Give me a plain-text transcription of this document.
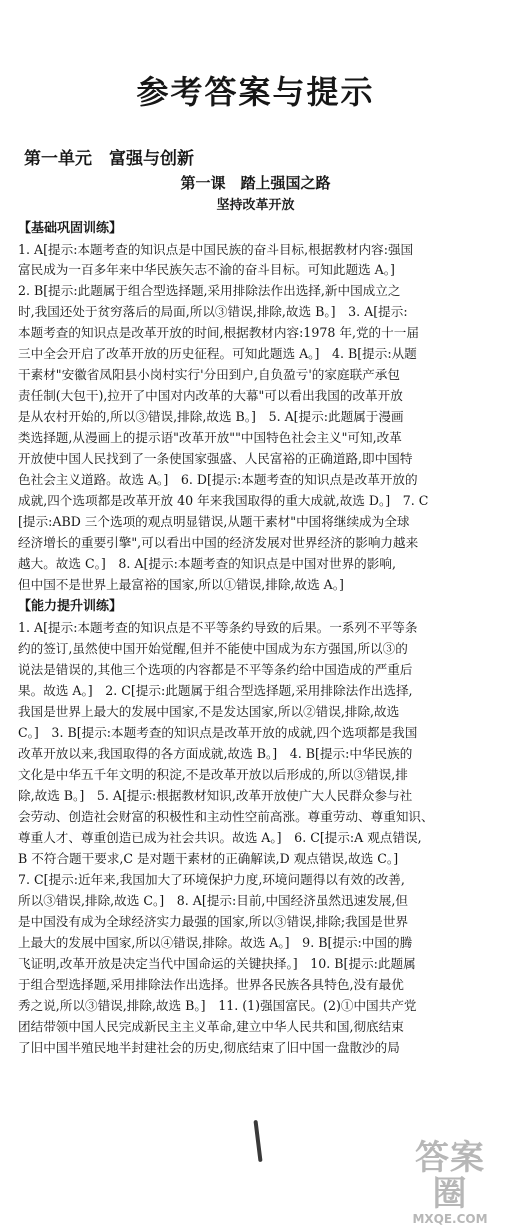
参考答案与提示
第一单元　富强与创新
第一课　踏上强国之路
坚持改革开放
【基础巩固训练】
1. A[提示:本题考查的知识点是中国民族的奋斗目标,根据教材内容:强国
富民成为一百多年来中华民族矢志不渝的奋斗目标。可知此题选 A。]
2. B[提示:此题属于组合型选择题,采用排除法作出选择,新中国成立之
时,我国还处于贫穷落后的局面,所以③错误,排除,故选 B。]　3. A[提示:
本题考查的知识点是改革开放的时间,根据教材内容:1978 年,党的十一届
三中全会开启了改革开放的历史征程。可知此题选 A。]　4. B[提示:从题
干素材"安徽省凤阳县小岗村实行'分田到户,自负盈亏'的家庭联产承包
责任制(大包干),拉开了中国对内改革的大幕"可以看出我国的改革开放
是从农村开始的,所以③错误,排除,故选 B。]　5. A[提示:此题属于漫画
类选择题,从漫画上的提示语"改革开放""中国特色社会主义"可知,改革
开放使中国人民找到了一条使国家强盛、人民富裕的正确道路,即中国特
色社会主义道路。故选 A。]　6. D[提示:本题考查的知识点是改革开放的
成就,四个选项都是改革开放 40 年来我国取得的重大成就,故选 D。]　7. C
[提示:ABD 三个选项的观点明显错误,从题干素材"中国将继续成为全球
经济增长的重要引擎",可以看出中国的经济发展对世界经济的影响力越来
越大。故选 C。]　8. A[提示:本题考查的知识点是中国对世界的影响,
但中国不是世界上最富裕的国家,所以①错误,排除,故选 A。]
【能力提升训练】
1. A[提示:本题考查的知识点是不平等条约导致的后果。一系列不平等条
约的签订,虽然使中国开始觉醒,但并不能使中国成为东方强国,所以③的
说法是错误的,其他三个选项的内容都是不平等条约给中国造成的严重后
果。故选 A。]　2. C[提示:此题属于组合型选择题,采用排除法作出选择,
我国是世界上最大的发展中国家,不是发达国家,所以②错误,排除,故选
C。]　3. B[提示:本题考查的知识点是改革开放的成就,四个选项都是我国
改革开放以来,我国取得的各方面成就,故选 B。]　4. B[提示:中华民族的
文化是中华五千年文明的积淀,不是改革开放以后形成的,所以③错误,排
除,故选 B。]　5. A[提示:根据教材知识,改革开放使广大人民群众参与社
会劳动、创造社会财富的积极性和主动性空前高涨。尊重劳动、尊重知识、
尊重人才、尊重创造已成为社会共识。故选 A。]　6. C[提示:A 观点错误,
B 不符合题干要求,C 是对题干素材的正确解读,D 观点错误,故选 C。]
7. C[提示:近年来,我国加大了环境保护力度,环境问题得以有效的改善,
所以③错误,排除,故选 C。]　8. A[提示:目前,中国经济虽然迅速发展,但
是中国没有成为全球经济实力最强的国家,所以③错误,排除;我国是世界
上最大的发展中国家,所以④错误,排除。故选 A。]　9. B[提示:中国的腾
飞证明,改革开放是决定当代中国命运的关键抉择。]　10. B[提示:此题属
于组合型选择题,采用排除法作出选择。世界各民族各具特色,没有最优
秀之说,所以③错误,排除,故选 B。]　11. (1)强国富民。(2)①中国共产党
团结带领中国人民完成新民主主义革命,建立中华人民共和国,彻底结束
了旧中国半殖民地半封建社会的历史,彻底结束了旧中国一盘散沙的局
答案圈
MXQE.COM
